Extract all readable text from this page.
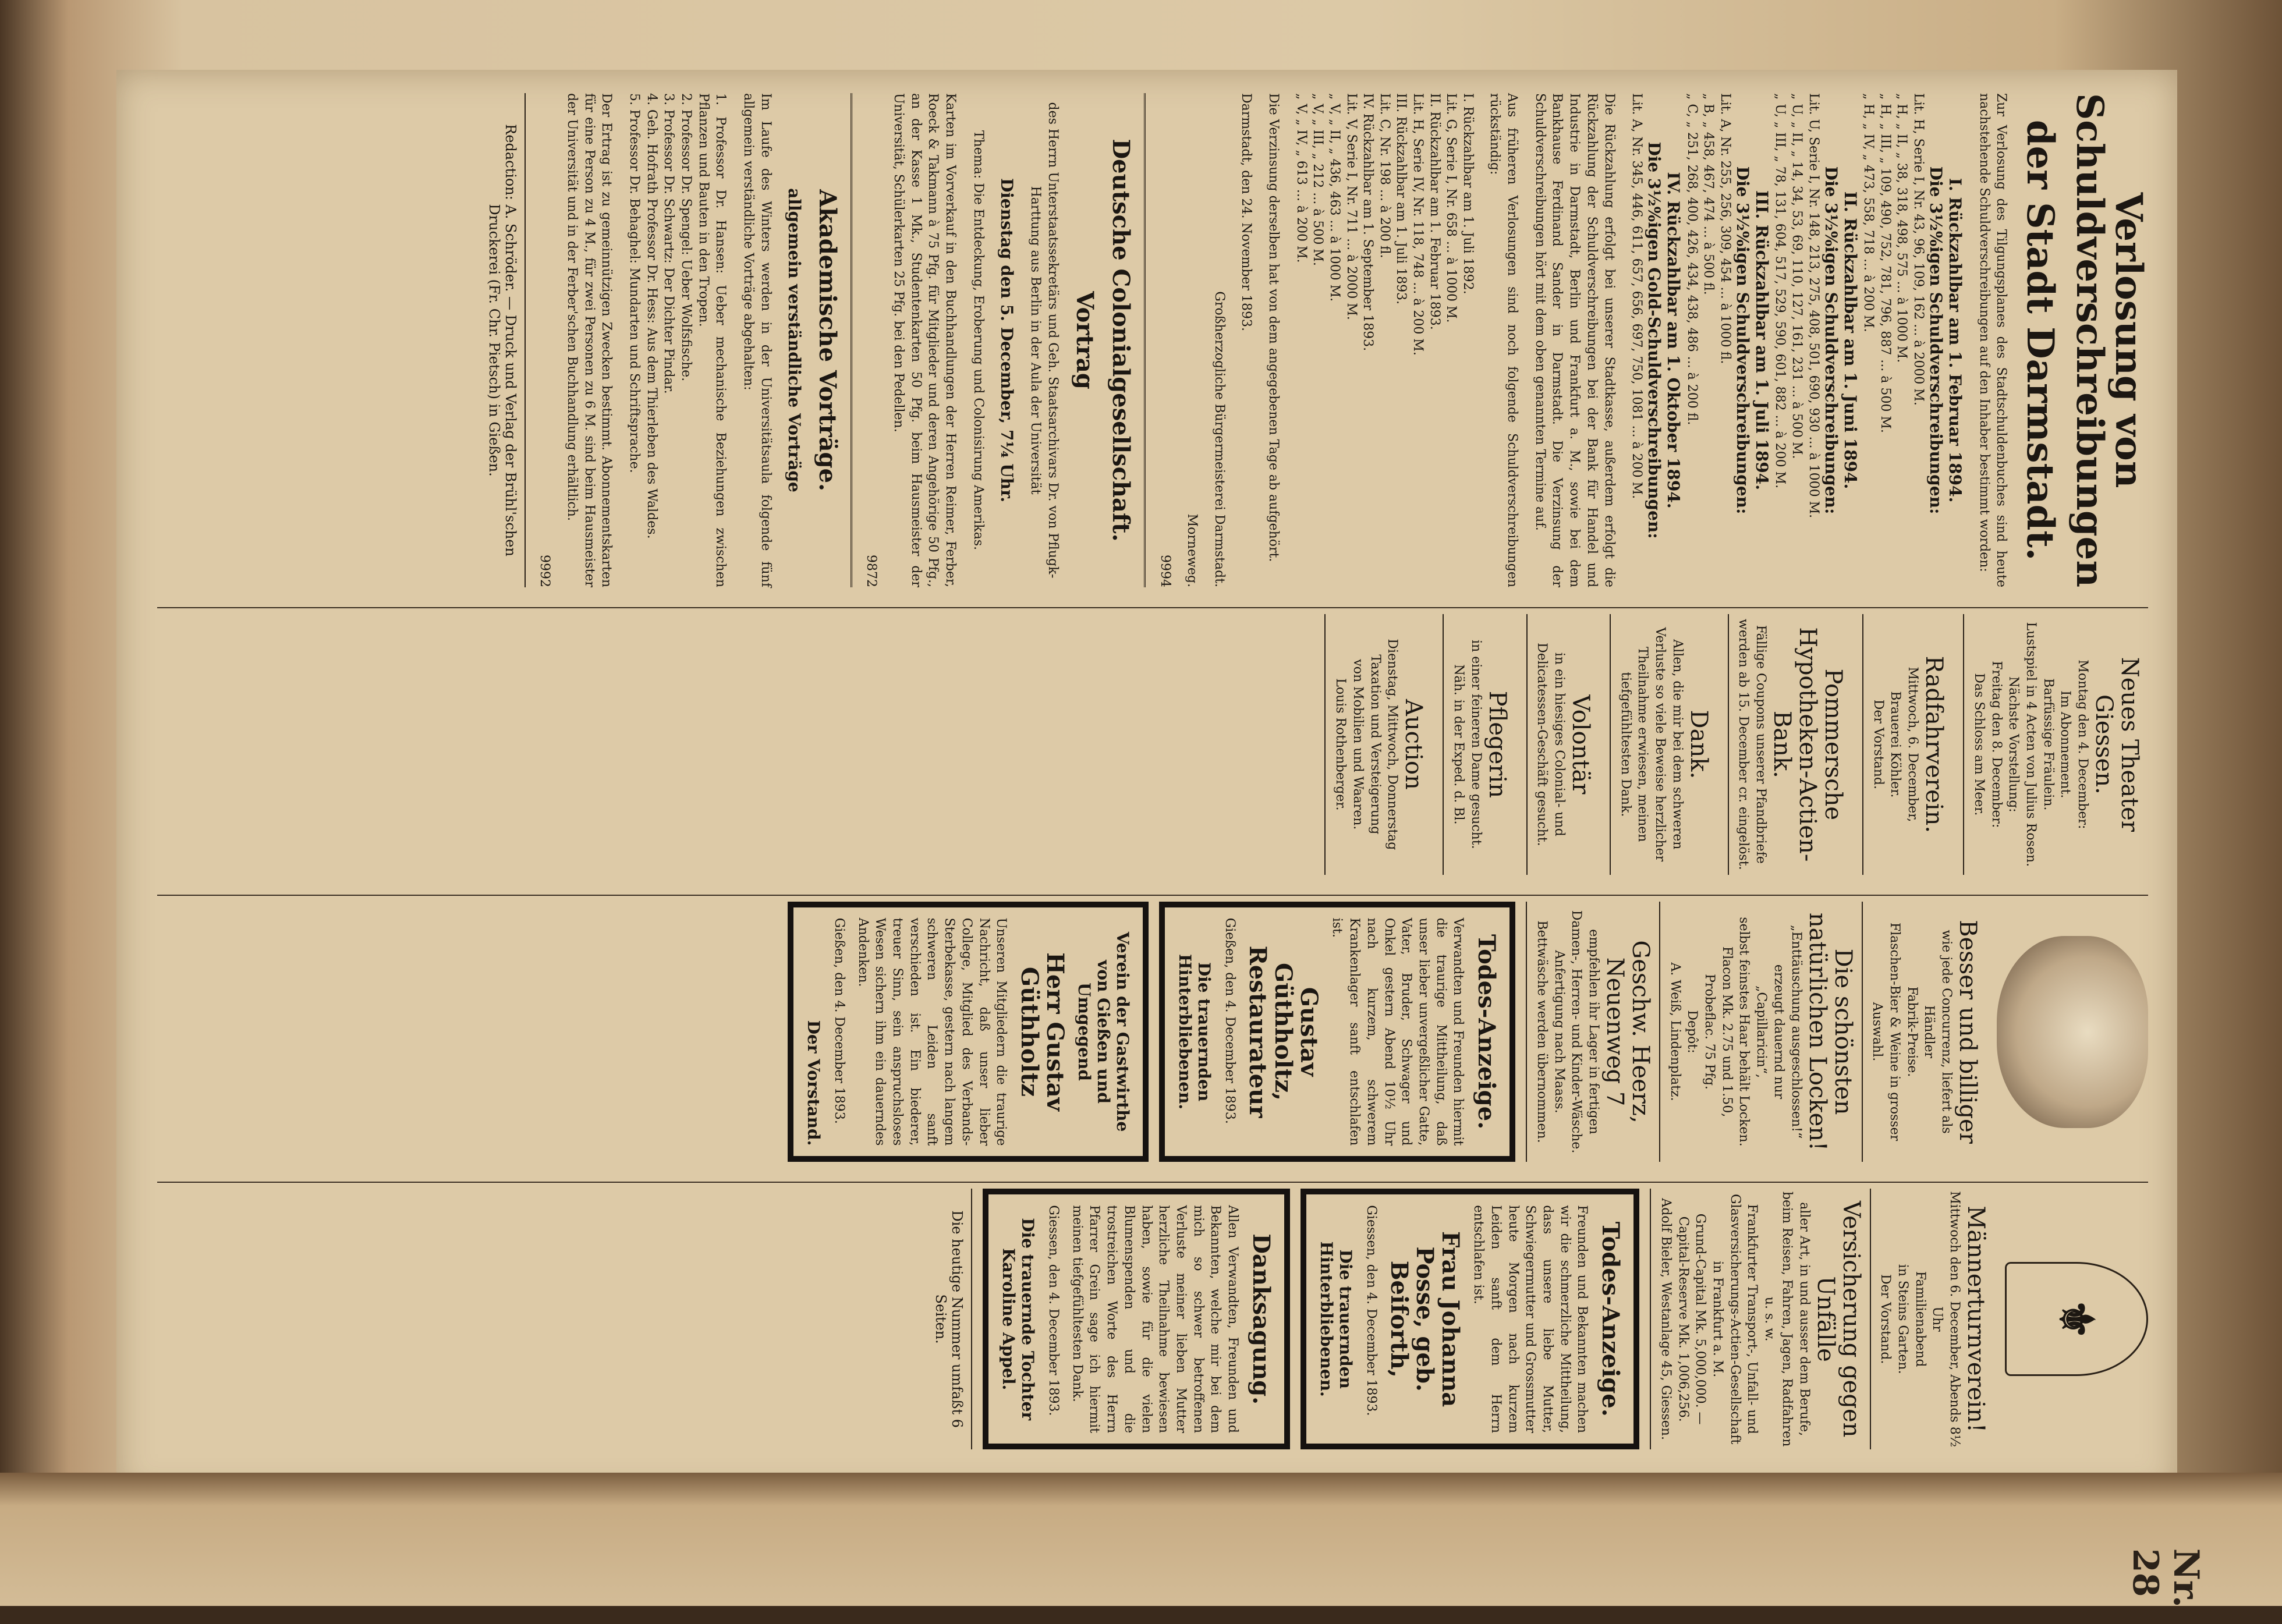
Verlosung von Schuldverschreibungen
der Stadt Darmstadt.
Zur Verlosung des Tilgungsplanes des Stadtschuldenbuches sind heute nachstehende Schuldverschreibungen auf den Inhaber bestimmt worden:
I. Rückzahlbar am 1. Februar 1894.
Die 3½%igen Schuldverschreibungen:
Lit. H, Serie I, Nr. 43, 96, 109, 162 ... à 2000 M.
„ H, „ II, „ 38, 318, 498, 575 ... à 1000 M.
„ H, „ III, „ 109, 490, 752, 781, 796, 887 ... à 500 M.
„ H, „ IV, „ 473, 558, 718 ... à 200 M.
II. Rückzahlbar am 1. Juni 1894.
Die 3½%igen Schuldverschreibungen:
Lit. U, Serie I, Nr. 148, 213, 275, 408, 501, 690, 930 ... à 1000 M.
„ U, „ II, „ 14, 34, 53, 69, 110, 127, 161, 231 ... à 500 M.
„ U, „ III, „ 78, 131, 604, 517, 529, 590, 601, 882 ... à 200 M.
III. Rückzahlbar am 1. Juli 1894.
Die 3½%igen Schuldverschreibungen:
Lit. A, Nr. 255, 256, 309, 454 ... à 1000 fl.
„ B, „ 458, 467, 474 ... à 500 fl.
„ C, „ 251, 268, 400, 426, 434, 438, 486 ... à 200 fl.
IV. Rückzahlbar am 1. Oktober 1894.
Die 3½%igen Gold-Schuldverschreibungen:
Lit. A, Nr. 345, 446, 611, 657, 656, 697, 750, 1081 ... à 200 M.
Die Rückzahlung erfolgt bei unserer Stadtkasse, außerdem erfolgt die Rückzahlung der Schuldverschreibungen bei der Bank für Handel und Industrie in Darmstadt, Berlin und Frankfurt a. M., sowie bei dem Bankhause Ferdinand Sander in Darmstadt. Die Verzinsung der Schuldverschreibungen hört mit dem oben genannten Termine auf.
Aus früheren Verlosungen sind noch folgende Schuldverschreibungen rückständig:
I. Rückzahlbar am 1. Juli 1892.
Lit. G, Serie I, Nr. 658 ... à 1000 M.
II. Rückzahlbar am 1. Februar 1893.
Lit. H, Serie IV, Nr. 118, 748 ... à 200 M.
III. Rückzahlbar am 1. Juli 1893.
Lit. C, Nr. 198 ... à 200 fl.
IV. Rückzahlbar am 1. September 1893.
Lit. V, Serie I, Nr. 711 ... à 2000 M.
„ V, „ II, „ 436, 463 ... à 1000 M.
„ V, „ III, „ 212 ... à 500 M.
„ V, „ IV, „ 613 ... à 200 M.
Die Verzinsung derselben hat von dem angegebenen Tage ab aufgehört.
Darmstadt, den 24. November 1893.
Großherzogliche Bürgermeisterei Darmstadt.
Morneweg.
9994
Deutsche Colonialgesellschaft.
Vortrag
des Herrn Unterstaatssekretärs und Geh. Staatsarchivars Dr. von Pflugk-Harttung aus Berlin in der Aula der Universität
Dienstag den 5. December, 7¼ Uhr.
Thema: Die Entdeckung, Eroberung und Colonisirung Amerikas.
Karten im Vorverkauf in den Buchhandlungen der Herren Reimer, Ferber, Roeck & Takmann à 75 Pfg. für Mitglieder und deren Angehörige 50 Pfg., an der Kasse 1 Mk., Studentenkarten 50 Pfg. beim Hausmeister der Universität, Schülerkarten 25 Pfg. bei den Pedellen.
9872
Akademische Vorträge.
allgemein verständliche Vorträge
Im Laufe des Winters werden in der Universitätsaula folgende fünf allgemein verständliche Vorträge abgehalten:
1. Professor Dr. Hansen: Ueber mechanische Beziehungen zwischen Pflanzen und Bauten in den Tropen.
2. Professor Dr. Spengel: Ueber Wolfsfische.
3. Professor Dr. Schwartz: Der Dichter Pindar.
4. Geh. Hofrath Professor Dr. Hess: Aus dem Thierleben des Waldes.
5. Professor Dr. Behaghel: Mundarten und Schriftsprache.
Der Ertrag ist zu gemeinnützigen Zwecken bestimmt. Abonnementskarten für eine Person zu 4 M., für zwei Personen zu 6 M. sind beim Hausmeister der Universität und in der Ferber'schen Buchhandlung erhältlich.
9992
Redaction: A. Schröder. — Druck und Verlag der Brühl'schen Druckerei (Fr. Chr. Pietsch) in Gießen.
Neues Theater Giessen.
Montag den 4. December:
Im Abonnement.
Barfüssige Fräulein.
Lustspiel in 4 Acten von Julius Rosen.
Nächste Vorstellung:
Freitag den 8. December:
Das Schloss am Meer.
Radfahrverein.
Mittwoch, 6. December,
Brauerei Köhler.
Der Vorstand.
Pommersche Hypotheken-Actien-Bank.
Fällige Coupons unserer Pfandbriefe werden ab 15. December cr. eingelöst.
Dank.
Allen, die mir bei dem schweren Verluste so viele Beweise herzlicher Theilnahme erwiesen, meinen tiefgefühltesten Dank.
Volontär
in ein hiesiges Colonial- und Delicatessen-Geschäft gesucht.
Pflegerin
in einer feineren Dame gesucht.
Näh. in der Exped. d. Bl.
Auction
Dienstag, Mittwoch, Donnerstag
Taxation und Versteigerung
von Mobilien und Waaren.
Louis Rothenberger.

Besser und billiger
wie jede Concurrenz, liefert als Händler
Fabrik-Preise.
Flaschen-Bier & Weine in grosser Auswahl.
Die schönsten natürlichen Locken!
„Enttäuschung ausgeschlossen!“
erzeugt dauernd nur
„Capillaricin“,
selbst feinstes Haar behält Locken.
Flacon Mk. 2.75 und 1.50,
Probeflac. 75 Pfg.
Depôt:
A. Weiß, Lindenplatz.
Geschw. Heerz, Neuenweg 7
empfehlen ihr Lager in fertigen Damen-, Herren- und Kinder-Wäsche.
Anfertigung nach Maass.
Bettwäsche werden übernommen.
Todes-Anzeige.
Verwandten und Freunden hiermit die traurige Mittheilung, daß unser lieber unvergeßlicher Gatte, Vater, Bruder, Schwager und Onkel gestern Abend 10½ Uhr nach kurzem, schwerem Krankenlager sanft entschlafen ist.
Gustav Güthholtz, Restaurateur
Gießen, den 4. December 1893.
Die trauernden Hinterbliebenen.
Verein der Gastwirthe von Gießen und Umgegend
Herr Gustav Güthholtz
Unseren Mitgliedern die traurige Nachricht, daß unser lieber College, Mitglied des Verbands-Sterbekasse, gestern nach langem schweren Leiden sanft verschieden ist. Ein biederer, treuer Sinn, sein anspruchsloses Wesen sichern ihm ein dauerndes Andenken.
Gießen, den 4. December 1893.
Der Vorstand.
⚜
Männerturnverein!
Mittwoch den 6. December, Abends 8½ Uhr
Familienabend
in Steins Garten.
Der Vorstand.
Versicherung gegen Unfälle
aller Art, in und ausser dem Berufe,
beim Reisen, Fahren, Jagen, Radfahren u. s. w.
Frankfurter Transport-, Unfall- und Glasversicherungs-Actien-Gesellschaft in Frankfurt a. M.
Grund-Capital Mk. 5,000,000. — Capital-Reserve Mk. 1,006,256.
Adolf Bieler, Westanlage 45, Giessen.
Todes-Anzeige.
Freunden und Bekannten machen wir die schmerzliche Mittheilung, dass unsere liebe Mutter, Schwiegermutter und Grossmutter heute Morgen nach kurzem Leiden sanft dem Herrn entschlafen ist.
Frau Johanna Posse, geb. Beiforth,
Giessen, den 4. December 1893.
Die trauernden Hinterbliebenen.
Danksagung.
Allen Verwandten, Freunden und Bekannten, welche mir bei dem mich so schwer betroffenen Verluste meiner lieben Mutter herzliche Theilnahme bewiesen haben, sowie für die vielen Blumenspenden und die trostreichen Worte des Herrn Pfarrer Grein sage ich hiermit meinen tiefgefühltesten Dank.
Giessen, den 4. December 1893.
Die trauernde Tochter Karoline Appel.
Die heutige Nummer umfaßt 6 Seiten.
Nr. 28
